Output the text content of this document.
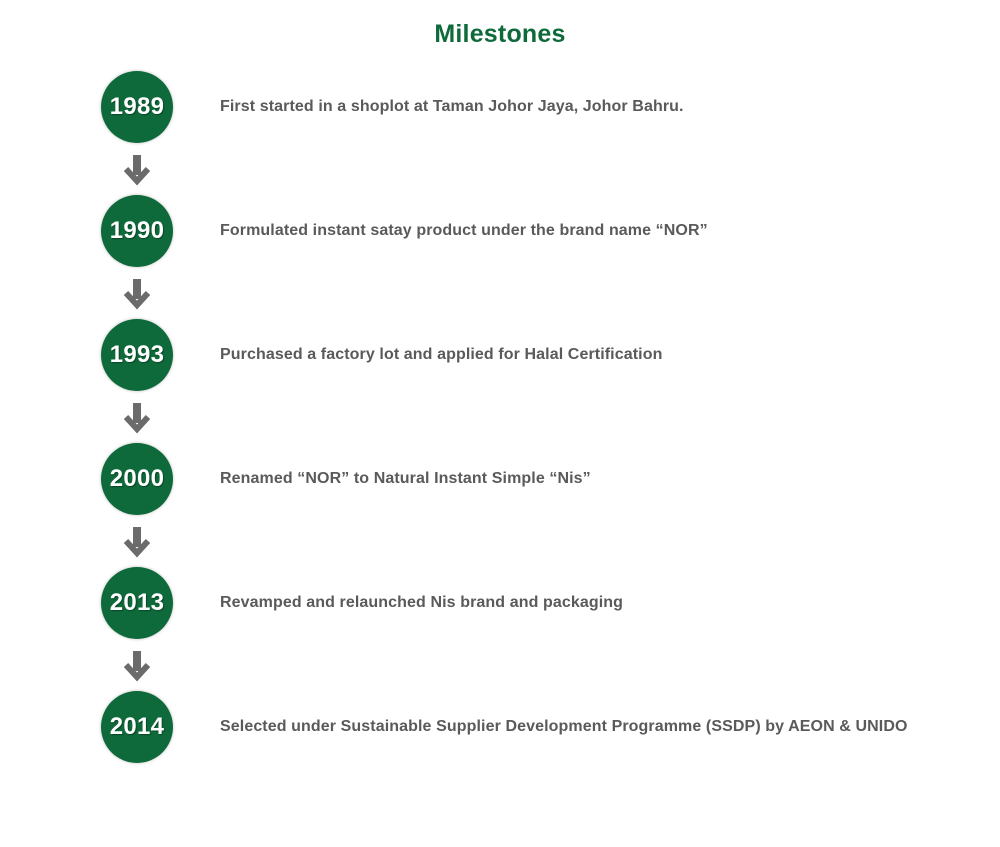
Milestones
1989	First started in a shoplot at Taman Johor Jaya, Johor Bahru.
1990	Formulated instant satay product under the brand name “NOR”
1993	Purchased a factory lot and applied for Halal Certification
2000	Renamed “NOR” to Natural Instant Simple “Nis”
2013	Revamped and relaunched Nis brand and packaging
2014	Selected under Sustainable Supplier Development Programme (SSDP) by AEON & UNIDO
